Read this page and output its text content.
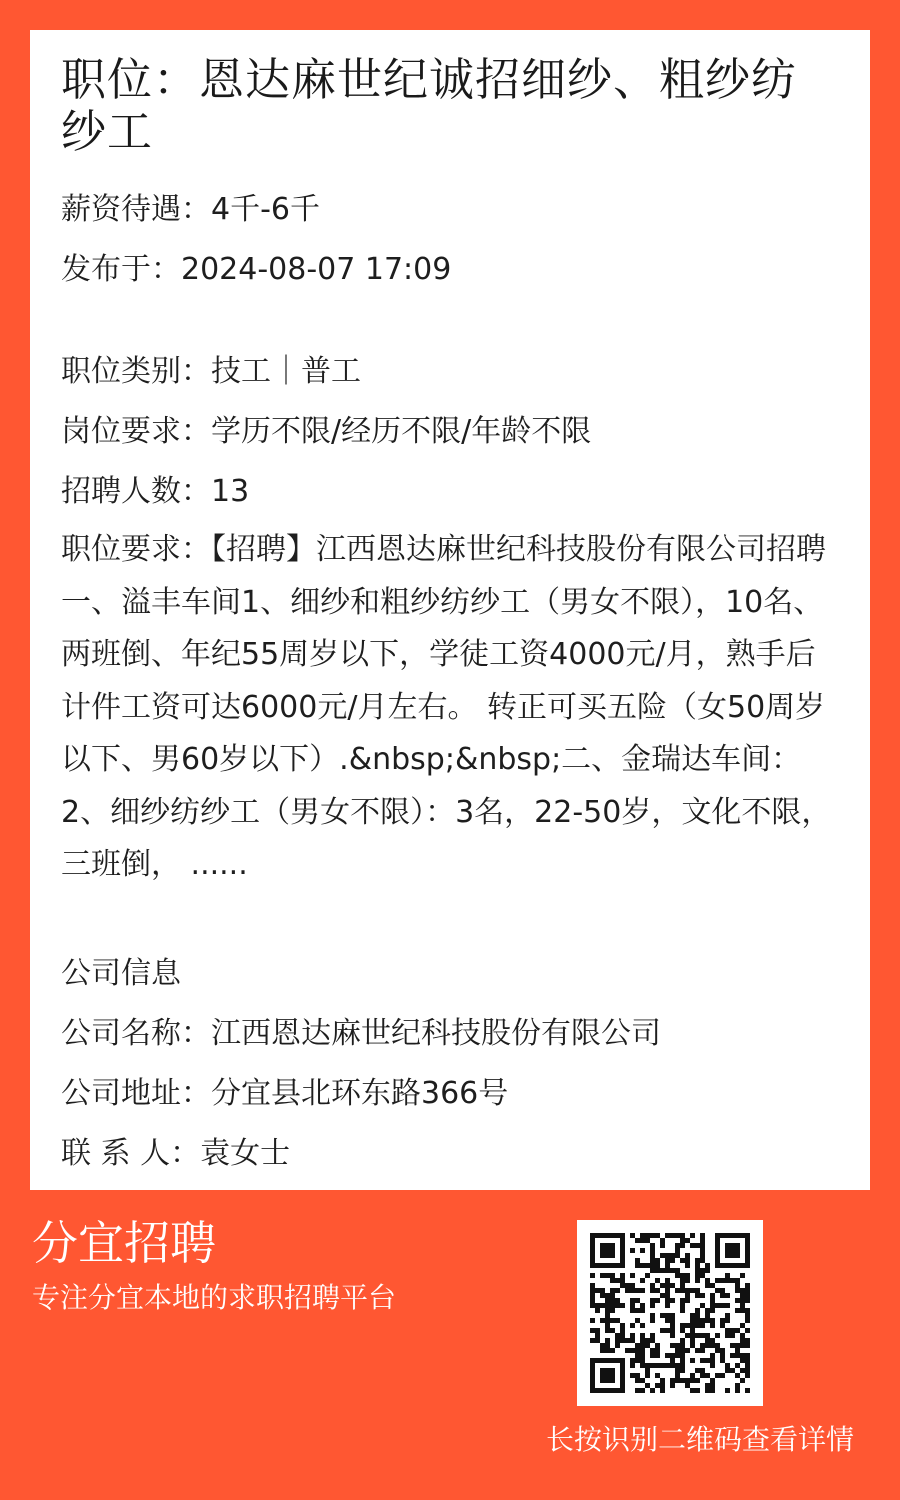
职位：恩达麻世纪诚招细纱、粗纱纺纱工
薪资待遇：4千-6千
发布于：2024-08-07 17:09
职位类别：技工｜普工
岗位要求：学历不限/经历不限/年龄不限
招聘人数：13
职位要求：【招聘】江西恩达麻世纪科技股份有限公司招聘一、溢丰车间1、细纱和粗纱纺纱工（男女不限），10名、两班倒、年纪55周岁以下，学徒工资4000元/月，熟手后计件工资可达6000元/月左右。 转正可买五险（女50周岁以下、男60岁以下）.&nbsp;&nbsp;二、金瑞达车间：2、细纱纺纱工（男女不限）：3名，22-50岁，文化不限，三班倒， ......
公司信息
公司名称：江西恩达麻世纪科技股份有限公司
公司地址：分宜县北环东路366号
联 系 人：袁女士
分宜招聘
专注分宜本地的求职招聘平台
长按识别二维码查看详情
